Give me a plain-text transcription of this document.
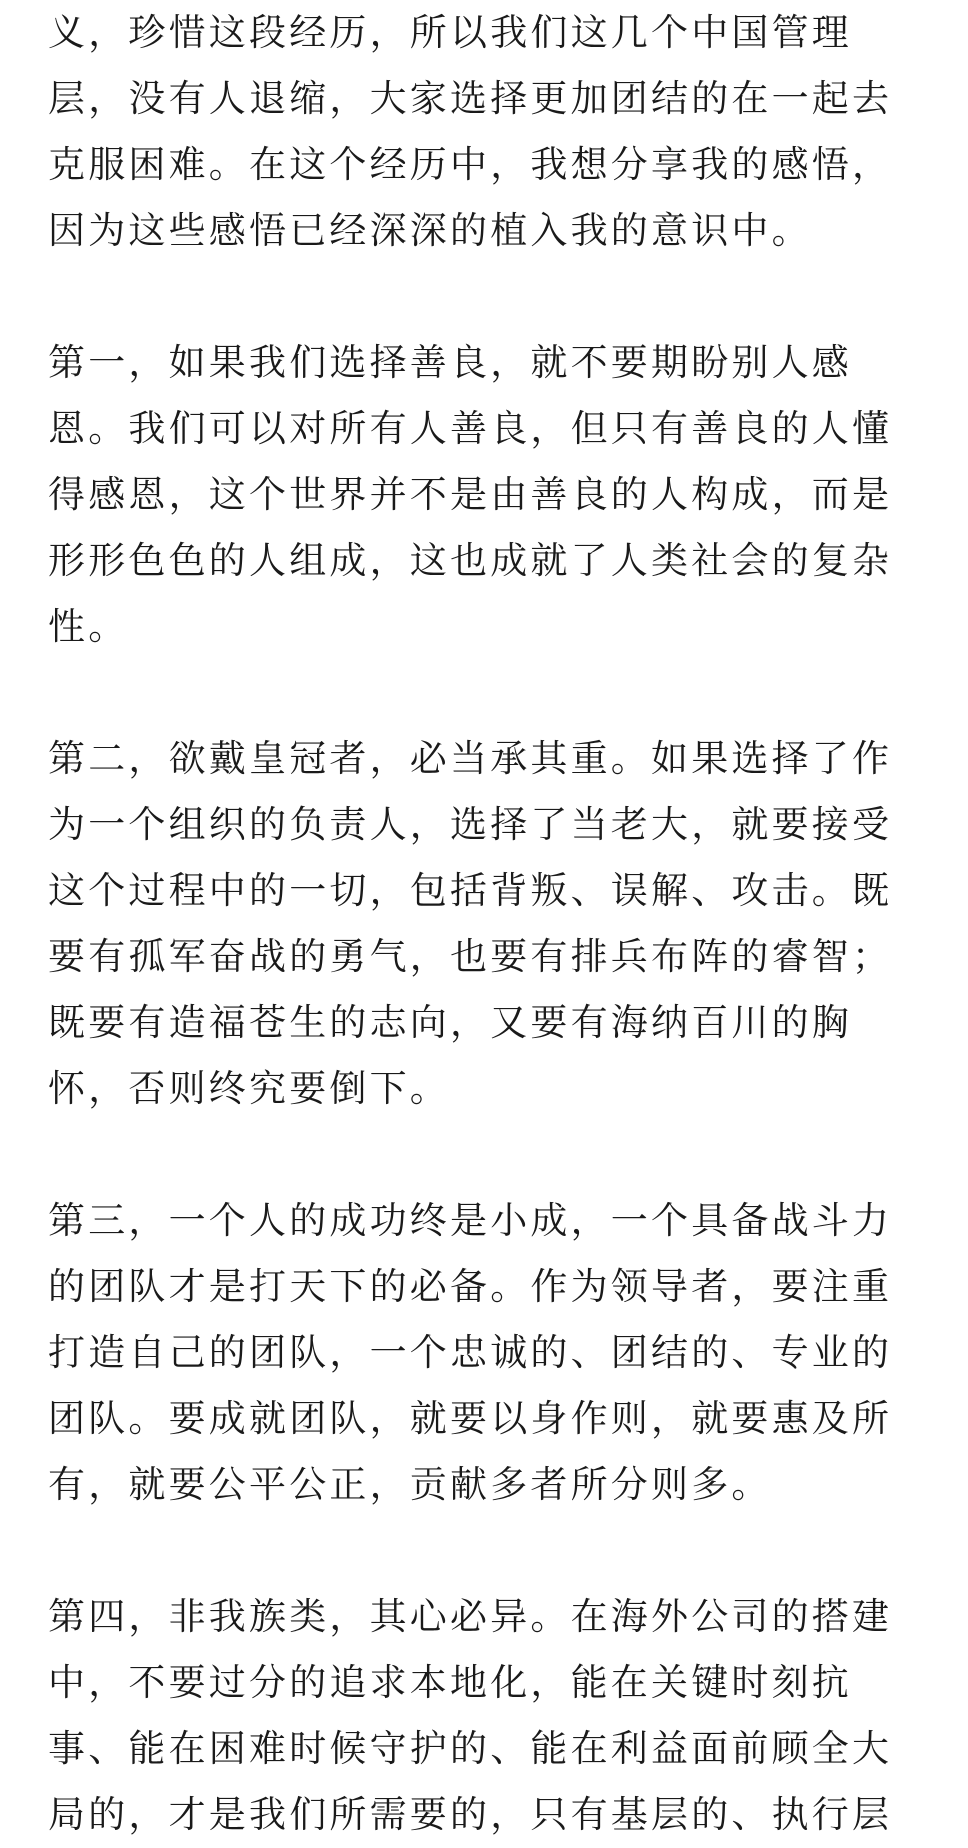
义，珍惜这段经历，所以我们这几个中国管理
层，没有人退缩，大家选择更加团结的在一起去
克服困难。在这个经历中，我想分享我的感悟，
因为这些感悟已经深深的植入我的意识中。
第一，如果我们选择善良，就不要期盼别人感
恩。我们可以对所有人善良，但只有善良的人懂
得感恩，这个世界并不是由善良的人构成，而是
形形色色的人组成，这也成就了人类社会的复杂
性。
第二，欲戴皇冠者，必当承其重。如果选择了作
为一个组织的负责人，选择了当老大，就要接受
这个过程中的一切，包括背叛、误解、攻击。既
要有孤军奋战的勇气，也要有排兵布阵的睿智；
既要有造福苍生的志向，又要有海纳百川的胸
怀，否则终究要倒下。
第三，一个人的成功终是小成，一个具备战斗力
的团队才是打天下的必备。作为领导者，要注重
打造自己的团队，一个忠诚的、团结的、专业的
团队。要成就团队，就要以身作则，就要惠及所
有，就要公平公正，贡献多者所分则多。
第四，非我族类，其心必异。在海外公司的搭建
中，不要过分的追求本地化，能在关键时刻抗
事、能在困难时候守护的、能在利益面前顾全大
局的，才是我们所需要的，只有基层的、执行层
